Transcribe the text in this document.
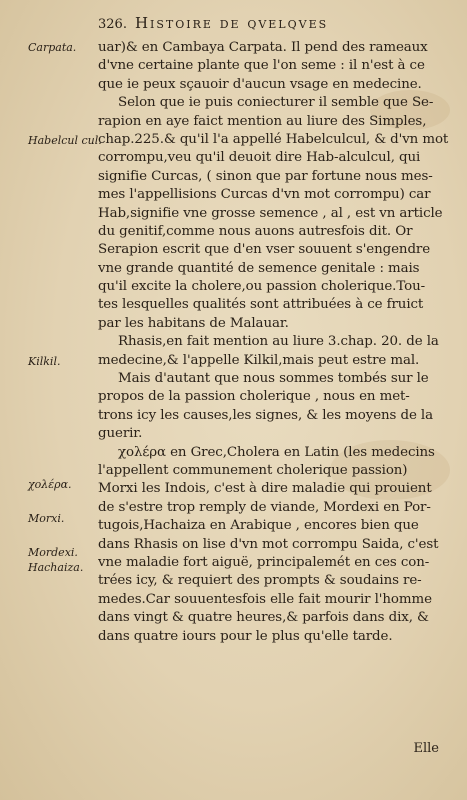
326. Histoire de qvelqves
Carpata.
Habelcul cul.
Kilkil.
χολέρα.
Morxi.
Mordexi.
Hachaiza.
uar)& en Cambaya Carpata. Il pend des rameaux
d'vne certaine plante que l'on seme : il n'est à ce
que ie peux sçauoir d'aucun vsage en medecine.
Selon que ie puis coniecturer il semble que Se-
rapion en aye faict mention au liure des Simples,
chap.225.& qu'il l'a appellé Habelculcul, & d'vn mot
corrompu,veu qu'il deuoit dire Hab-alculcul, qui
signifie Curcas, ( sinon que par fortune nous mes-
mes l'appellisions Curcas d'vn mot corrompu) car
Hab,signifie vne grosse semence , al , est vn article
du genitif,comme nous auons autresfois dit. Or
Serapion escrit que d'en vser souuent s'engendre
vne grande quantité de semence genitale : mais
qu'il excite la cholere,ou passion cholerique.Tou-
tes lesquelles qualités sont attribuées à ce fruict
par les habitans de Malauar.
Rhasis,en fait mention au liure 3.chap. 20. de la
medecine,& l'appelle Kilkil,mais peut estre mal.
Mais d'autant que nous sommes tombés sur le
propos de la passion cholerique , nous en met-
trons icy les causes,les signes, & les moyens de la
guerir.
χολέρα en Grec,Cholera en Latin (les medecins
l'appellent communement cholerique passion)
Morxi les Indois, c'est à dire maladie qui prouient
de s'estre trop remply de viande, Mordexi en Por-
tugois,Hachaiza en Arabique , encores bien que
dans Rhasis on lise d'vn mot corrompu Saida, c'est
vne maladie fort aiguë, principalemét en ces con-
trées icy, & requiert des prompts & soudains re-
medes.Car souuentesfois elle fait mourir l'homme
dans vingt & quatre heures,& parfois dans dix, &
dans quatre iours pour le plus qu'elle tarde.
Elle
